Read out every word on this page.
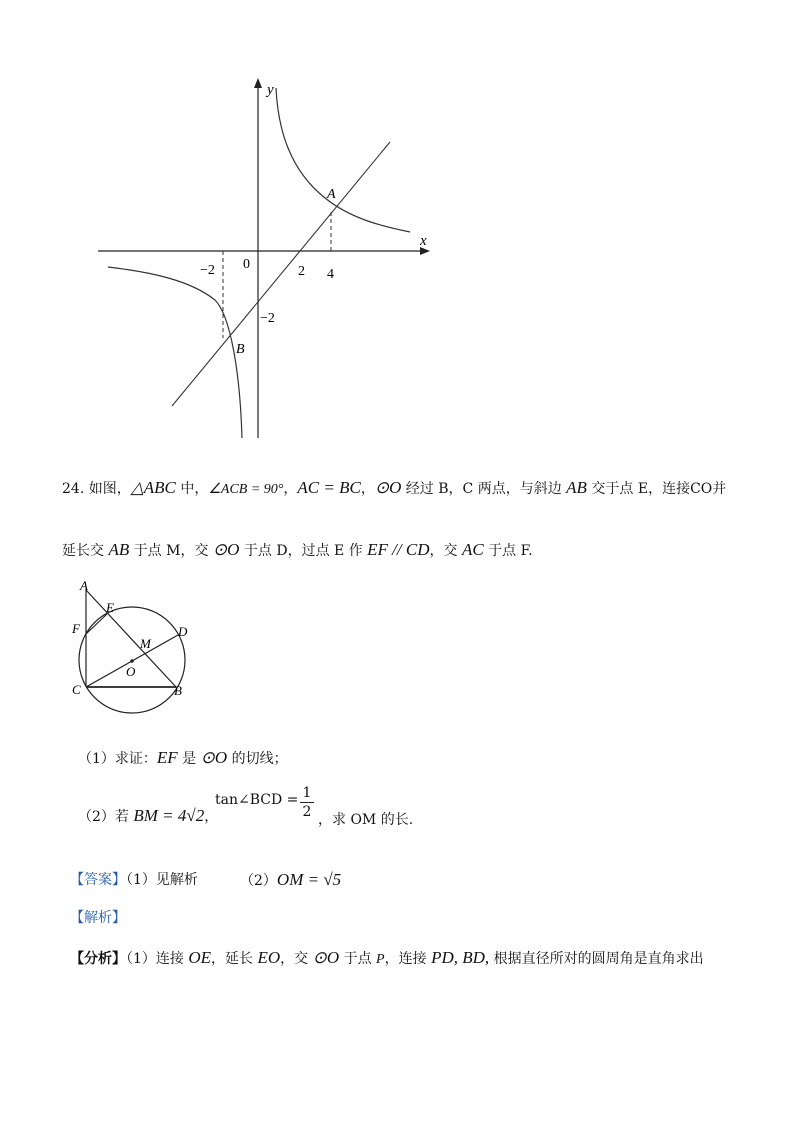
y
x
0
−2	2 4
−2
A
B
24. 如图，△ABC 中，∠ACB = 90°，AC = BC，⊙O 经过 B，C 两点，与斜边 AB 交于点 E，连接CO并
延长交 AB 于点 M，交 ⊙O 于点 D，过点 E 作 EF // CD，交 AC 于点 F.
A
E
F	D
M
O
C	B
（1）求证：EF 是 ⊙O 的切线；
（2）若 BM = 4√2，
tan∠BCD = 1
2 ，求 OM 的长.
【答案】（1）见解析	（2）OM = √5
【解析】
【分析】（1）连接 OE，延长 EO，交 ⊙O 于点 P，连接 PD, BD, 根据直径所对的圆周角是直角求出
